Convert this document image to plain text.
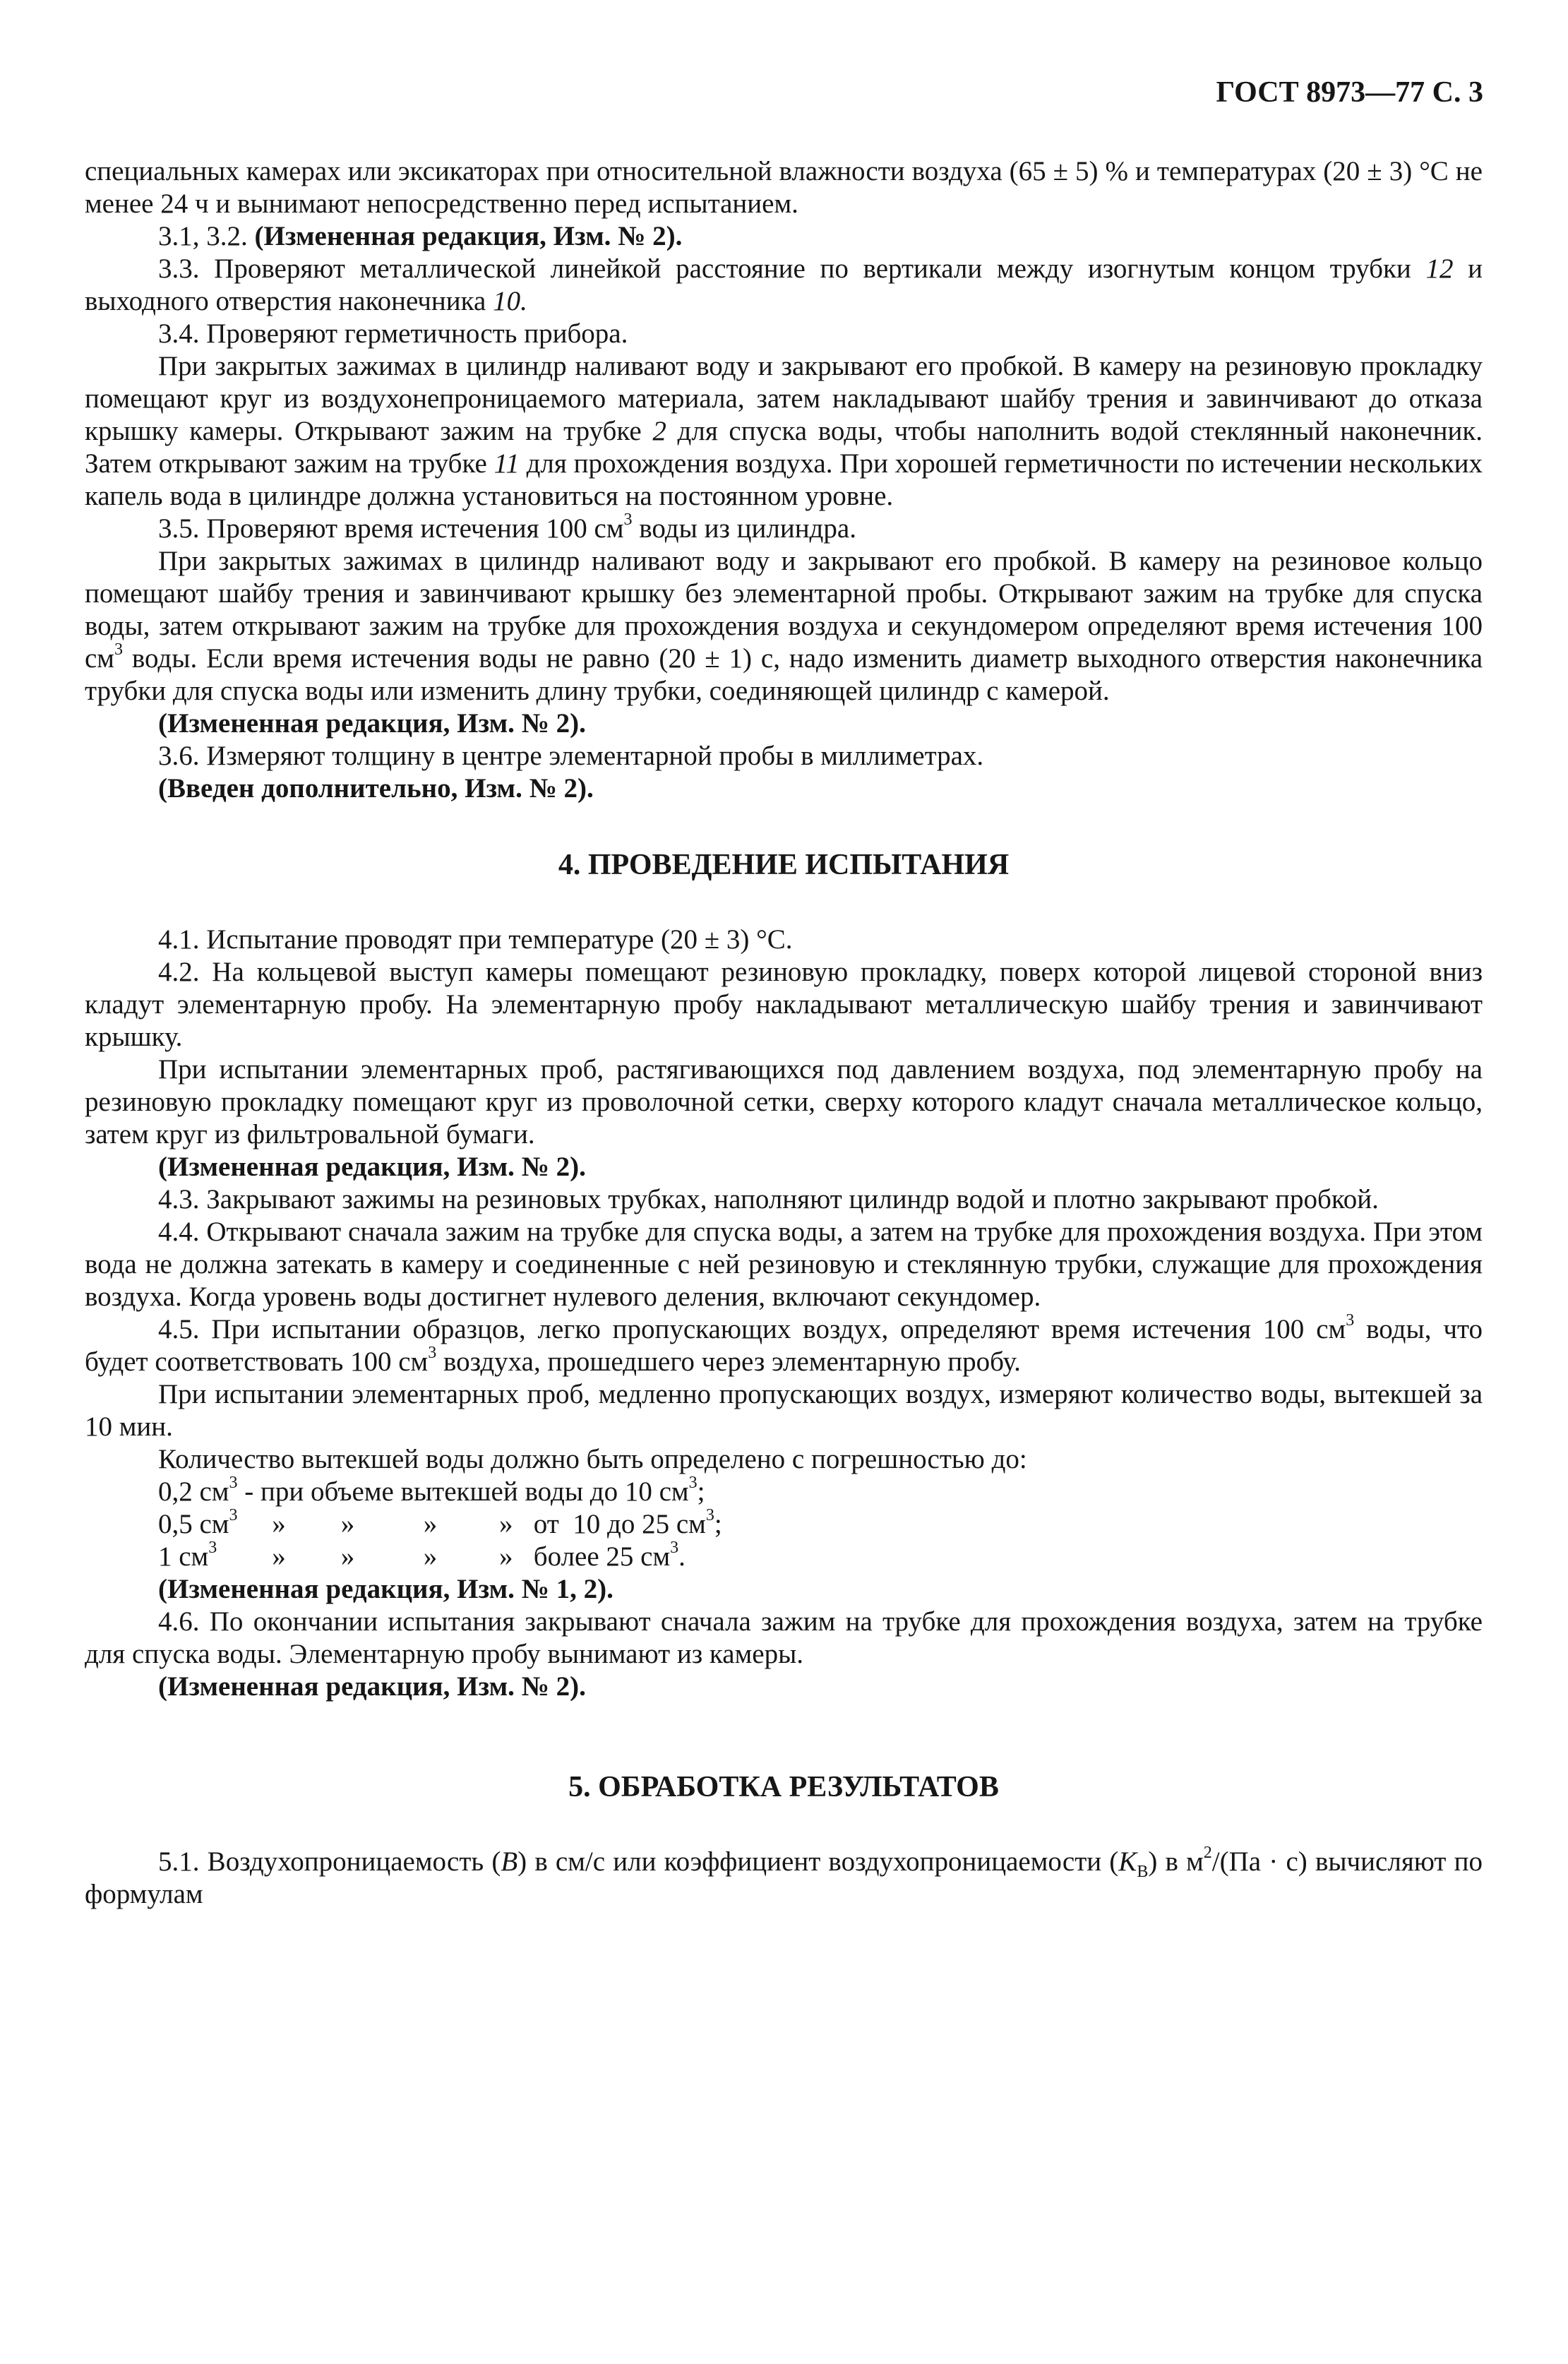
ГОСТ 8973—77 С. 3

специальных камерах или эксикаторах при относительной влажности воздуха (65 ± 5) % и температурах (20 ± 3) °С не менее 24 ч и вынимают непосредственно перед испытанием.

3.1, 3.2. (Измененная редакция, Изм. № 2).

3.3. Проверяют металлической линейкой расстояние по вертикали между изогнутым концом трубки 12 и выходного отверстия наконечника 10.

3.4. Проверяют герметичность прибора.

При закрытых зажимах в цилиндр наливают воду и закрывают его пробкой. В камеру на резиновую прокладку помещают круг из воздухонепроницаемого материала, затем накладывают шайбу трения и завинчивают до отказа крышку камеры. Открывают зажим на трубке 2 для спуска воды, чтобы наполнить водой стеклянный наконечник. Затем открывают зажим на трубке 11 для прохождения воздуха. При хорошей герметичности по истечении нескольких капель вода в цилиндре должна установиться на постоянном уровне.

3.5. Проверяют время истечения 100 $см^3$ воды из цилиндра.

При закрытых зажимах в цилиндр наливают воду и закрывают его пробкой. В камеру на резиновое кольцо помещают шайбу трения и завинчивают крышку без элементарной пробы. Открывают зажим на трубке для спуска воды, затем открывают зажим на трубке для прохождения воздуха и секундомером определяют время истечения 100 $см^3$ воды. Если время истечения воды не равно (20 ± 1) с, надо изменить диаметр выходного отверстия наконечника трубки для спуска воды или изменить длину трубки, соединяющей цилиндр с камерой.

(Измененная редакция, Изм. № 2).

3.6. Измеряют толщину в центре элементарной пробы в миллиметрах.

(Введен дополнительно, Изм. № 2).

4. ПРОВЕДЕНИЕ ИСПЫТАНИЯ

4.1. Испытание проводят при температуре (20 ± 3) °С.

4.2. На кольцевой выступ камеры помещают резиновую прокладку, поверх которой лицевой стороной вниз кладут элементарную пробу. На элементарную пробу накладывают металлическую шайбу трения и завинчивают крышку.

При испытании элементарных проб, растягивающихся под давлением воздуха, под элементарную пробу на резиновую прокладку помещают круг из проволочной сетки, сверху которого кладут сначала металлическое кольцо, затем круг из фильтровальной бумаги.

(Измененная редакция, Изм. № 2).

4.3. Закрывают зажимы на резиновых трубках, наполняют цилиндр водой и плотно закрывают пробкой.

4.4. Открывают сначала зажим на трубке для спуска воды, а затем на трубке для прохождения воздуха. При этом вода не должна затекать в камеру и соединенные с ней резиновую и стеклянную трубки, служащие для прохождения воздуха. Когда уровень воды достигнет нулевого деления, включают секундомер.

4.5. При испытании образцов, легко пропускающих воздух, определяют время истечения 100 $см^3$ воды, что будет соответствовать 100 $см^3$ воздуха, прошедшего через элементарную пробу.

При испытании элементарных проб, медленно пропускающих воздух, измеряют количество воды, вытекшей за 10 мин.

Количество вытекшей воды должно быть определено с погрешностью до:

0,2 $см^3$ - при объеме вытекшей воды до 10 $см^3$;

0,5 $см^3$     »        »          »         »   от  10 до 25 $см^3$;

1 $см^3$        »        »          »         »   более 25 $см^3$.

(Измененная редакция, Изм. № 1, 2).

4.6. По окончании испытания закрывают сначала зажим на трубке для прохождения воздуха, затем на трубке для спуска воды. Элементарную пробу вынимают из камеры.

(Измененная редакция, Изм. № 2).

5. ОБРАБОТКА РЕЗУЛЬТАТОВ

5.1. Воздухопроницаемость (B) в см/с или коэффициент воздухопроницаемости $(K_B)$ в $м^2/(Па \cdot с)$ вычисляют по формулам
